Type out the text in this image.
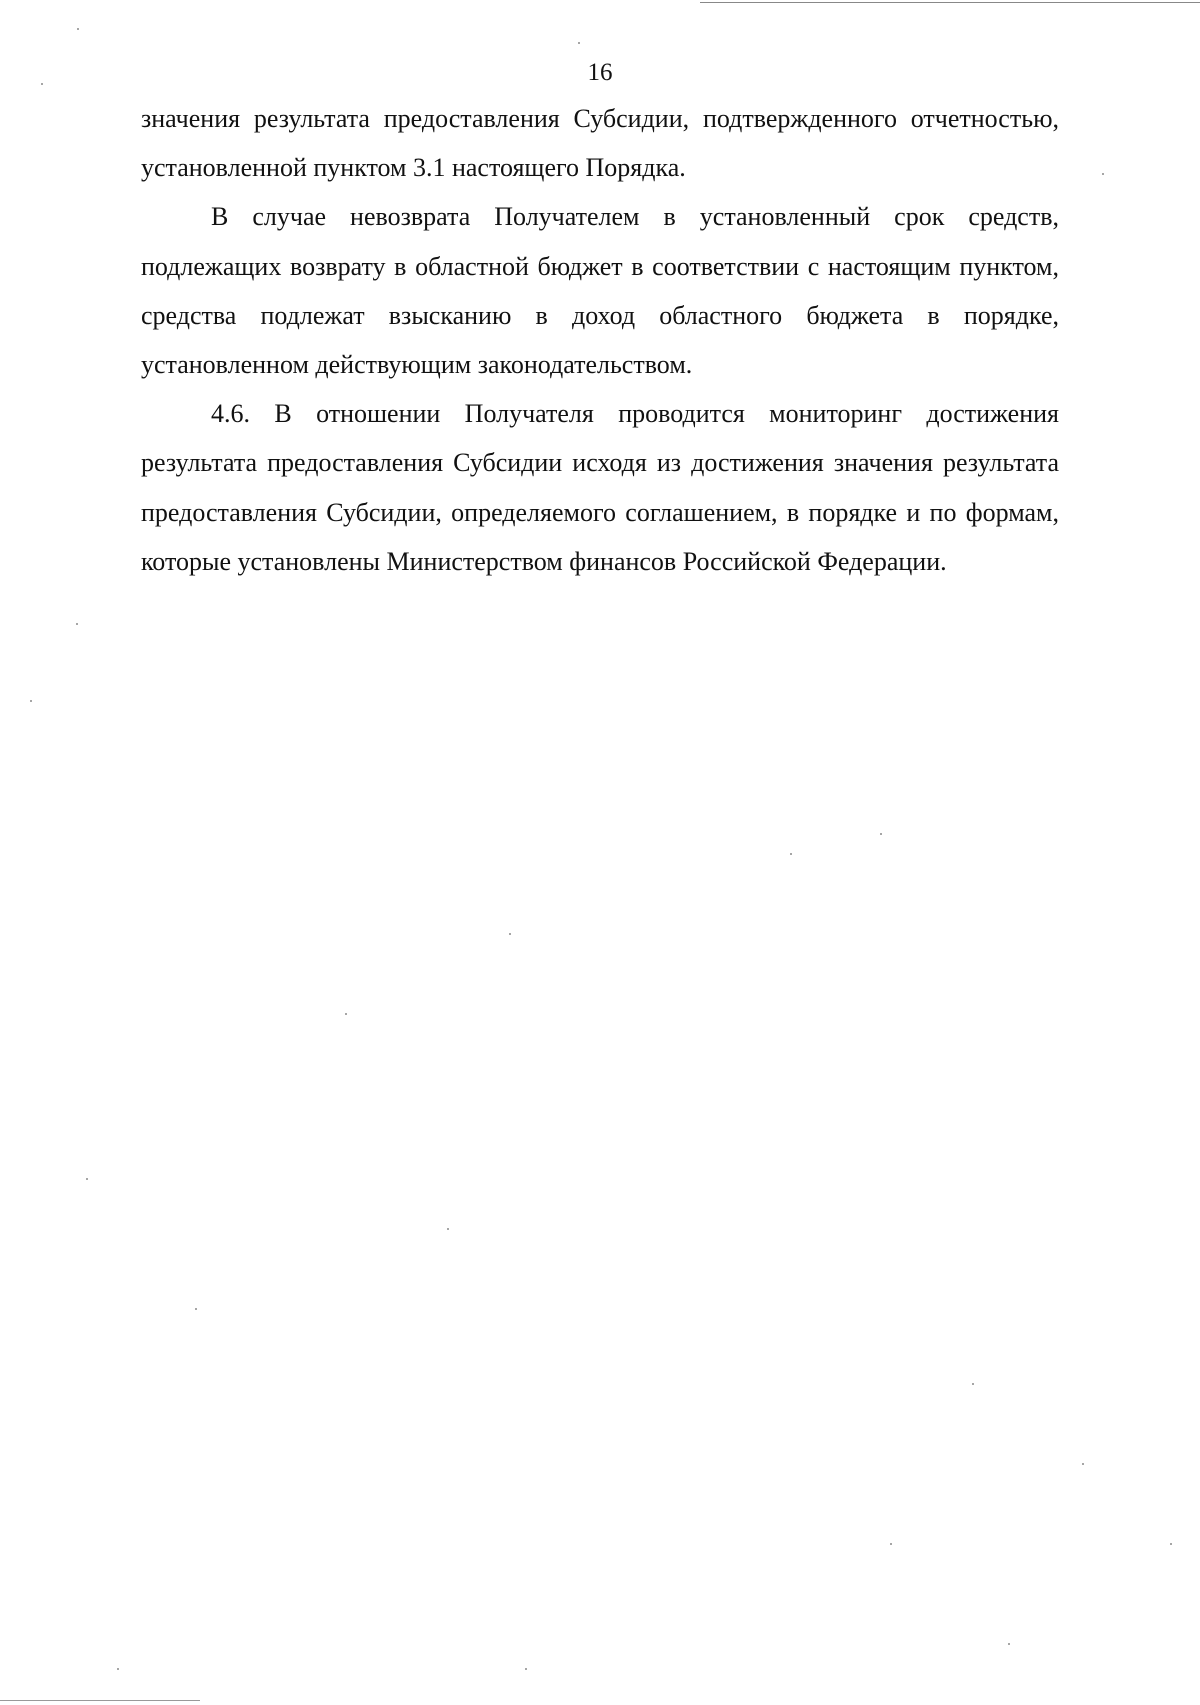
16

значения результата предоставления Субсидии, подтвержденного отчетностью, установленной пунктом 3.1 настоящего Порядка.

В случае невозврата Получателем в установленный срок средств, подлежащих возврату в областной бюджет в соответствии с настоящим пунктом, средства подлежат взысканию в доход областного бюджета в порядке, установленном действующим законодательством.

4.6. В отношении Получателя проводится мониторинг достижения результата предоставления Субсидии исходя из достижения значения результата предоставления Субсидии, определяемого соглашением, в порядке и по формам, которые установлены Министерством финансов Российской Федерации.
